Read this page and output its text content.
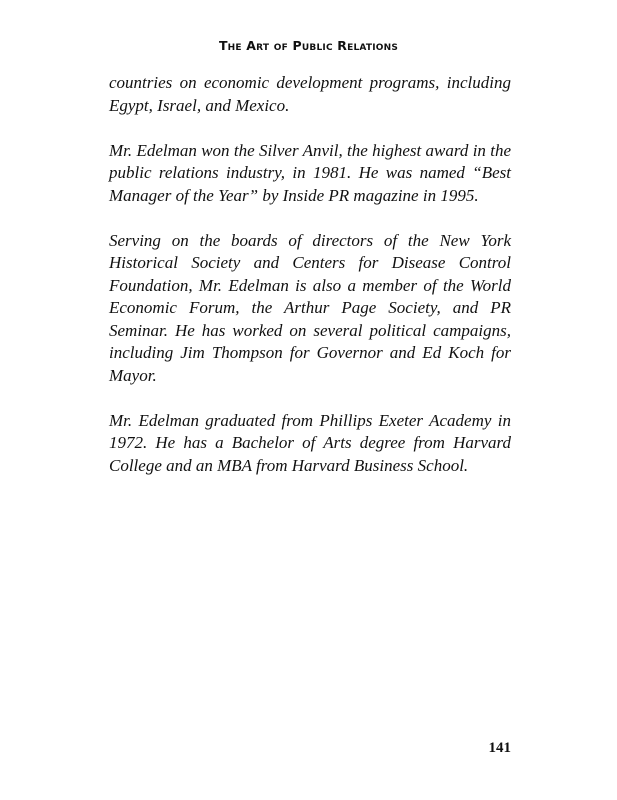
The Art of Public Relations

countries on economic development programs, including Egypt, Israel, and Mexico.

Mr. Edelman won the Silver Anvil, the highest award in the public relations industry, in 1981. He was named “Best Manager of the Year” by Inside PR magazine in 1995.

Serving on the boards of directors of the New York Historical Society and Centers for Disease Control Foundation, Mr. Edelman is also a member of the World Economic Forum, the Arthur Page Society, and PR Seminar. He has worked on several political campaigns, including Jim Thompson for Governor and Ed Koch for Mayor.

Mr. Edelman graduated from Phillips Exeter Academy in 1972. He has a Bachelor of Arts degree from Harvard College and an MBA from Harvard Business School.

141
